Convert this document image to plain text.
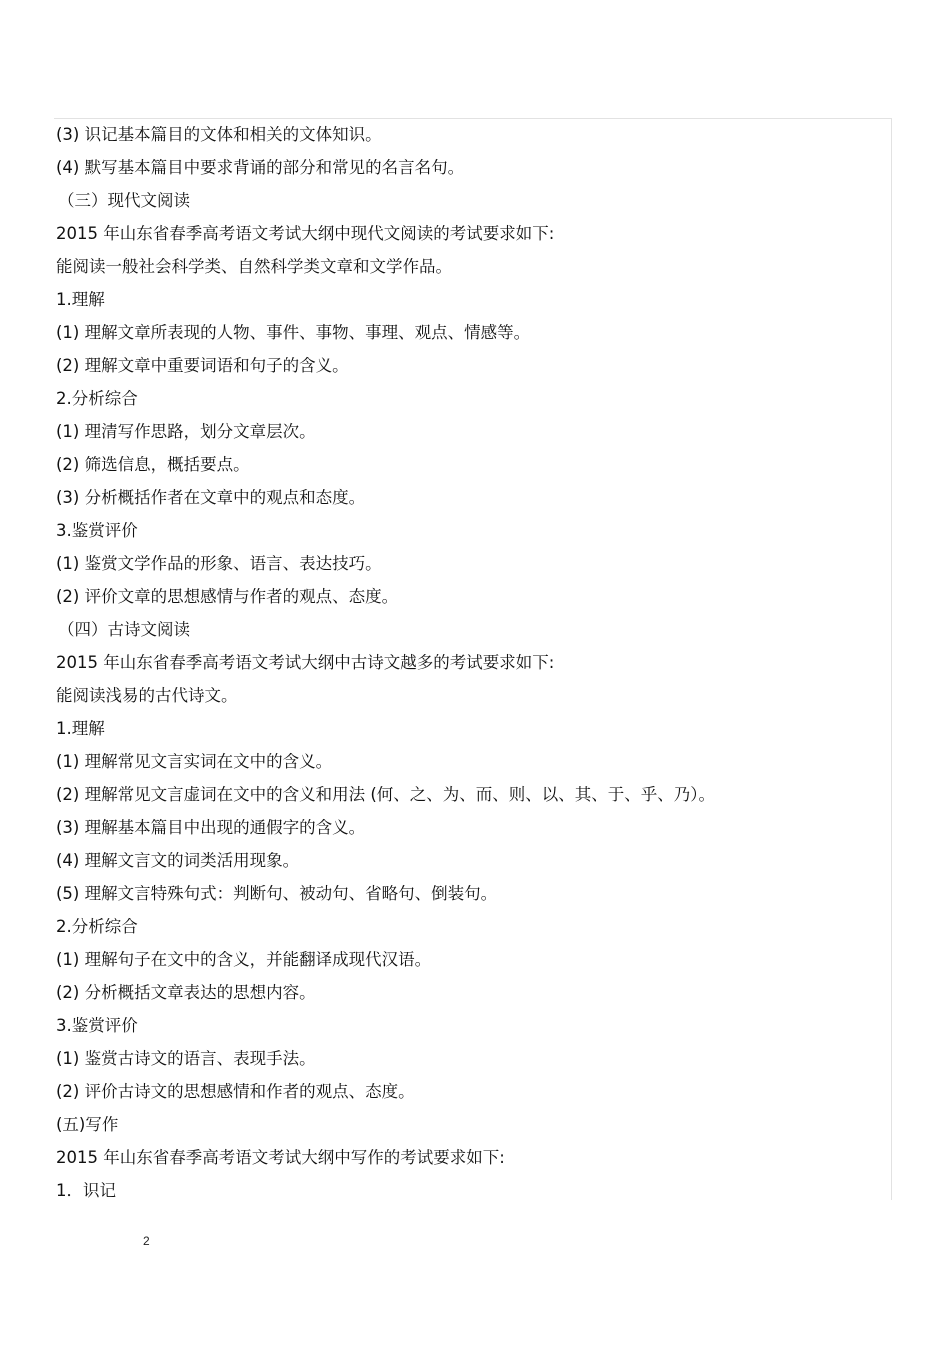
(3) 识记基本篇目的文体和相关的文体知识。
(4) 默写基本篇目中要求背诵的部分和常见的名言名句。
（三）现代文阅读
2015 年山东省春季高考语文考试大纲中现代文阅读的考试要求如下:
能阅读一般社会科学类、自然科学类文章和文学作品。
1.理解
(1) 理解文章所表现的人物、事件、事物、事理、观点、情感等。
(2) 理解文章中重要词语和句子的含义。
2.分析综合
(1) 理清写作思路，划分文章层次。
(2) 筛选信息，概括要点。
(3) 分析概括作者在文章中的观点和态度。
3.鉴赏评价
(1) 鉴赏文学作品的形象、语言、表达技巧。
(2) 评价文章的思想感情与作者的观点、态度。
（四）古诗文阅读
2015 年山东省春季高考语文考试大纲中古诗文越多的考试要求如下:
能阅读浅易的古代诗文。
1.理解
(1) 理解常见文言实词在文中的含义。
(2) 理解常见文言虚词在文中的含义和用法 (何、之、为、而、则、以、其、于、乎、乃）。
(3) 理解基本篇目中出现的通假字的含义。
(4) 理解文言文的词类活用现象。
(5) 理解文言特殊句式：判断句、被动句、省略句、倒装句。
2.分析综合
(1) 理解句子在文中的含义，并能翻译成现代汉语。
(2) 分析概括文章表达的思想内容。
3.鉴赏评价
(1) 鉴赏古诗文的语言、表现手法。
(2) 评价古诗文的思想感情和作者的观点、态度。
(五)写作
2015 年山东省春季高考语文考试大纲中写作的考试要求如下:
1．识记
2
